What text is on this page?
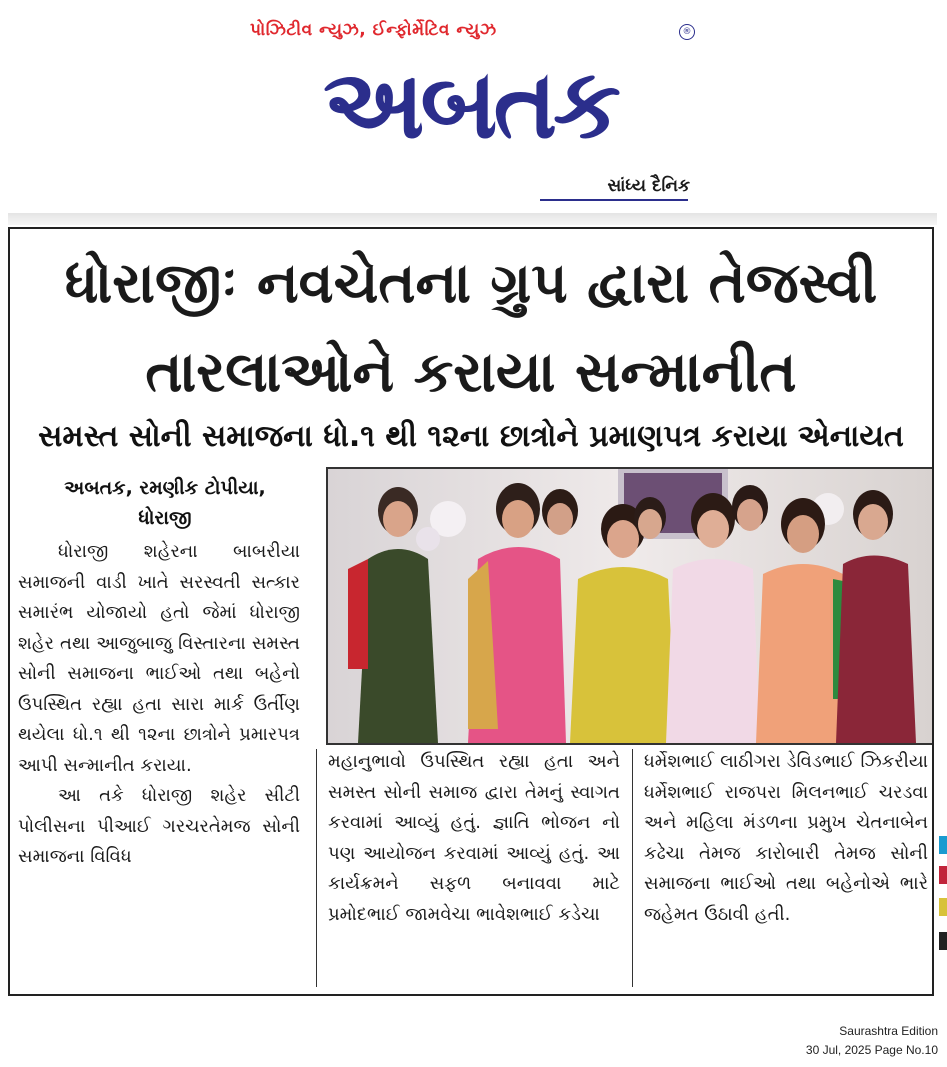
પોઝિટીવ ન્યુઝ, ઈન્ફોર્મેટિવ ન્યુઝ	®
અબતક
સાંધ્ય દૈનિક
ધોરાજીઃ નવચેતના ગ્રુપ દ્વારા તેજસ્વી
તારલાઓને કરાયા સન્માનીત
સમસ્ત સોની સમાજના ધો.૧ થી ૧૨ના છાત્રોને પ્રમાણપત્ર કરાયા એનાયત
અબતક, રમણીક ટોપીયા,
ધોરાજી

ધોરાજી શહેરના બાબરીયા સમાજની વાડી ખાતે સરસ્વતી સત્કાર સમારંભ યોજાયો હતો જેમાં ધોરાજી શહેર તથા આજુબાજુ વિસ્તારના સમસ્ત સોની સમાજના ભાઈઓ તથા બહેનો ઉપસ્થિત રહ્યા હતા સારા માર્ક ઉર્તીણ થયેલા ધો.૧ થી ૧૨ના છાત્રોને પ્રમારપત્ર આપી સન્માનીત કરાયા.

આ તકે ધોરાજી શહેર સીટી પોલીસના પીઆઈ ગરચરતેમજ સોની સમાજના વિવિધ

મહાનુભાવો ઉપસ્થિત રહ્યા હતા અને સમસ્ત સોની સમાજ દ્વારા તેમનું સ્વાગત કરવામાં આવ્યું હતું. જ્ઞાતિ ભોજન નો પણ આયોજન કરવામાં આવ્યું હતું. આ કાર્યક્રમને સફળ બનાવવા માટે પ્રમોદભાઈ જામવેચા ભાવેશભાઈ કડેચા

ધર્મેશભાઈ લાઠીગરા ડેવિડભાઈ ઝિકરીયા ધર્મેશભાઈ રાજપરા મિલનભાઈ ચરડવા અને મહિલા મંડળના પ્રમુખ ચેતનાબેન કઢેચા તેમજ કારોબારી તેમજ સોની સમાજના ભાઈઓ તથા બહેનોએ ભારે જહેમત ઉઠાવી હતી.

Saurashtra Edition
30 Jul, 2025 Page No.10
